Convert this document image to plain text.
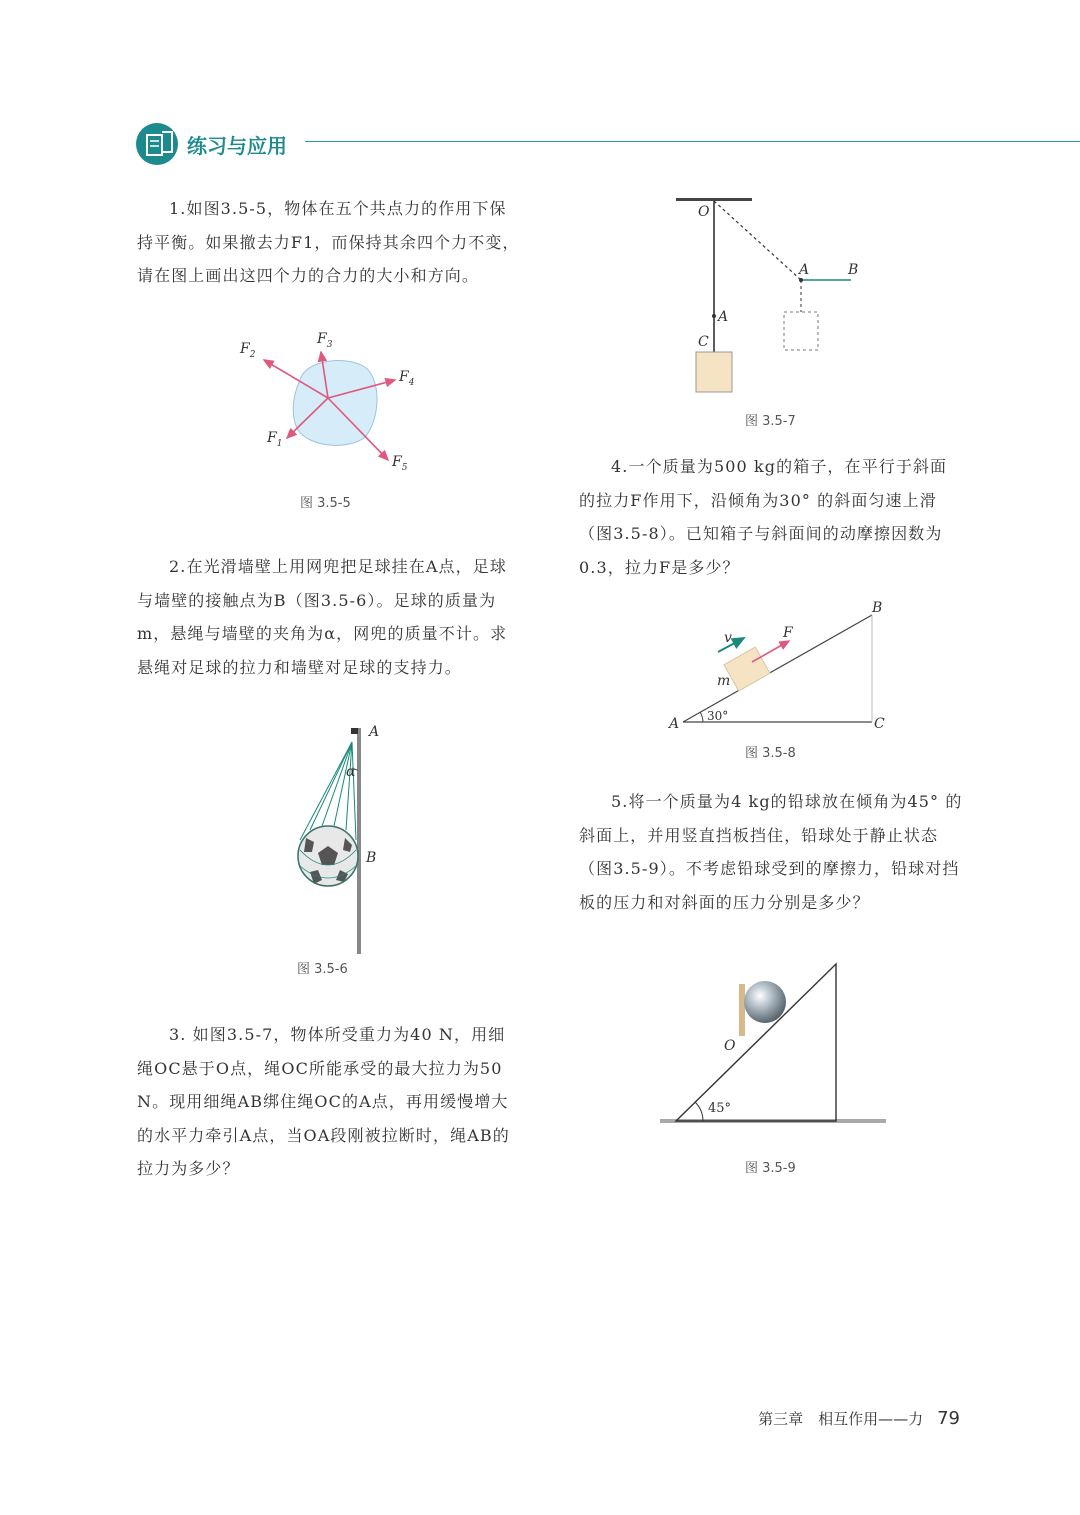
练习与应用

1.如图3.5-5，物体在五个共点力的作用下保持平衡。如果撤去力F1，而保持其余四个力不变，请在图上画出这四个力的合力的大小和方向。

2.在光滑墙壁上用网兜把足球挂在A点，足球与墙壁的接触点为B（图3.5-6）。足球的质量为m，悬绳与墙壁的夹角为α，网兜的质量不计。求悬绳对足球的拉力和墙壁对足球的支持力。

3. 如图3.5-7，物体所受重力为40 N，用细绳OC悬于O点，绳OC所能承受的最大拉力为50 N。现用细绳AB绑住绳OC的A点，再用缓慢增大的水平力牵引A点，当OA段刚被拉断时，绳AB的拉力为多少？

4.一个质量为500 kg的箱子，在平行于斜面的拉力F作用下，沿倾角为30° 的斜面匀速上滑（图3.5-8）。已知箱子与斜面间的动摩擦因数为0.3，拉力F是多少？

5.将一个质量为4 kg的铅球放在倾角为45° 的斜面上，并用竖直挡板挡住，铅球处于静止状态（图3.5-9）。不考虑铅球受到的摩擦力，铅球对挡板的压力和对斜面的压力分别是多少？

$F_1$
$F_2$
$F_3$
$F_4$
$F_5$
图 3.5-5
A
α
B
图 3.5-6
O
A
C
A	B
图 3.5-7
A
B
C
v	F
m
30°
图 3.5-8
O
45°
图 3.5-9
第三章　相互作用——力 79
